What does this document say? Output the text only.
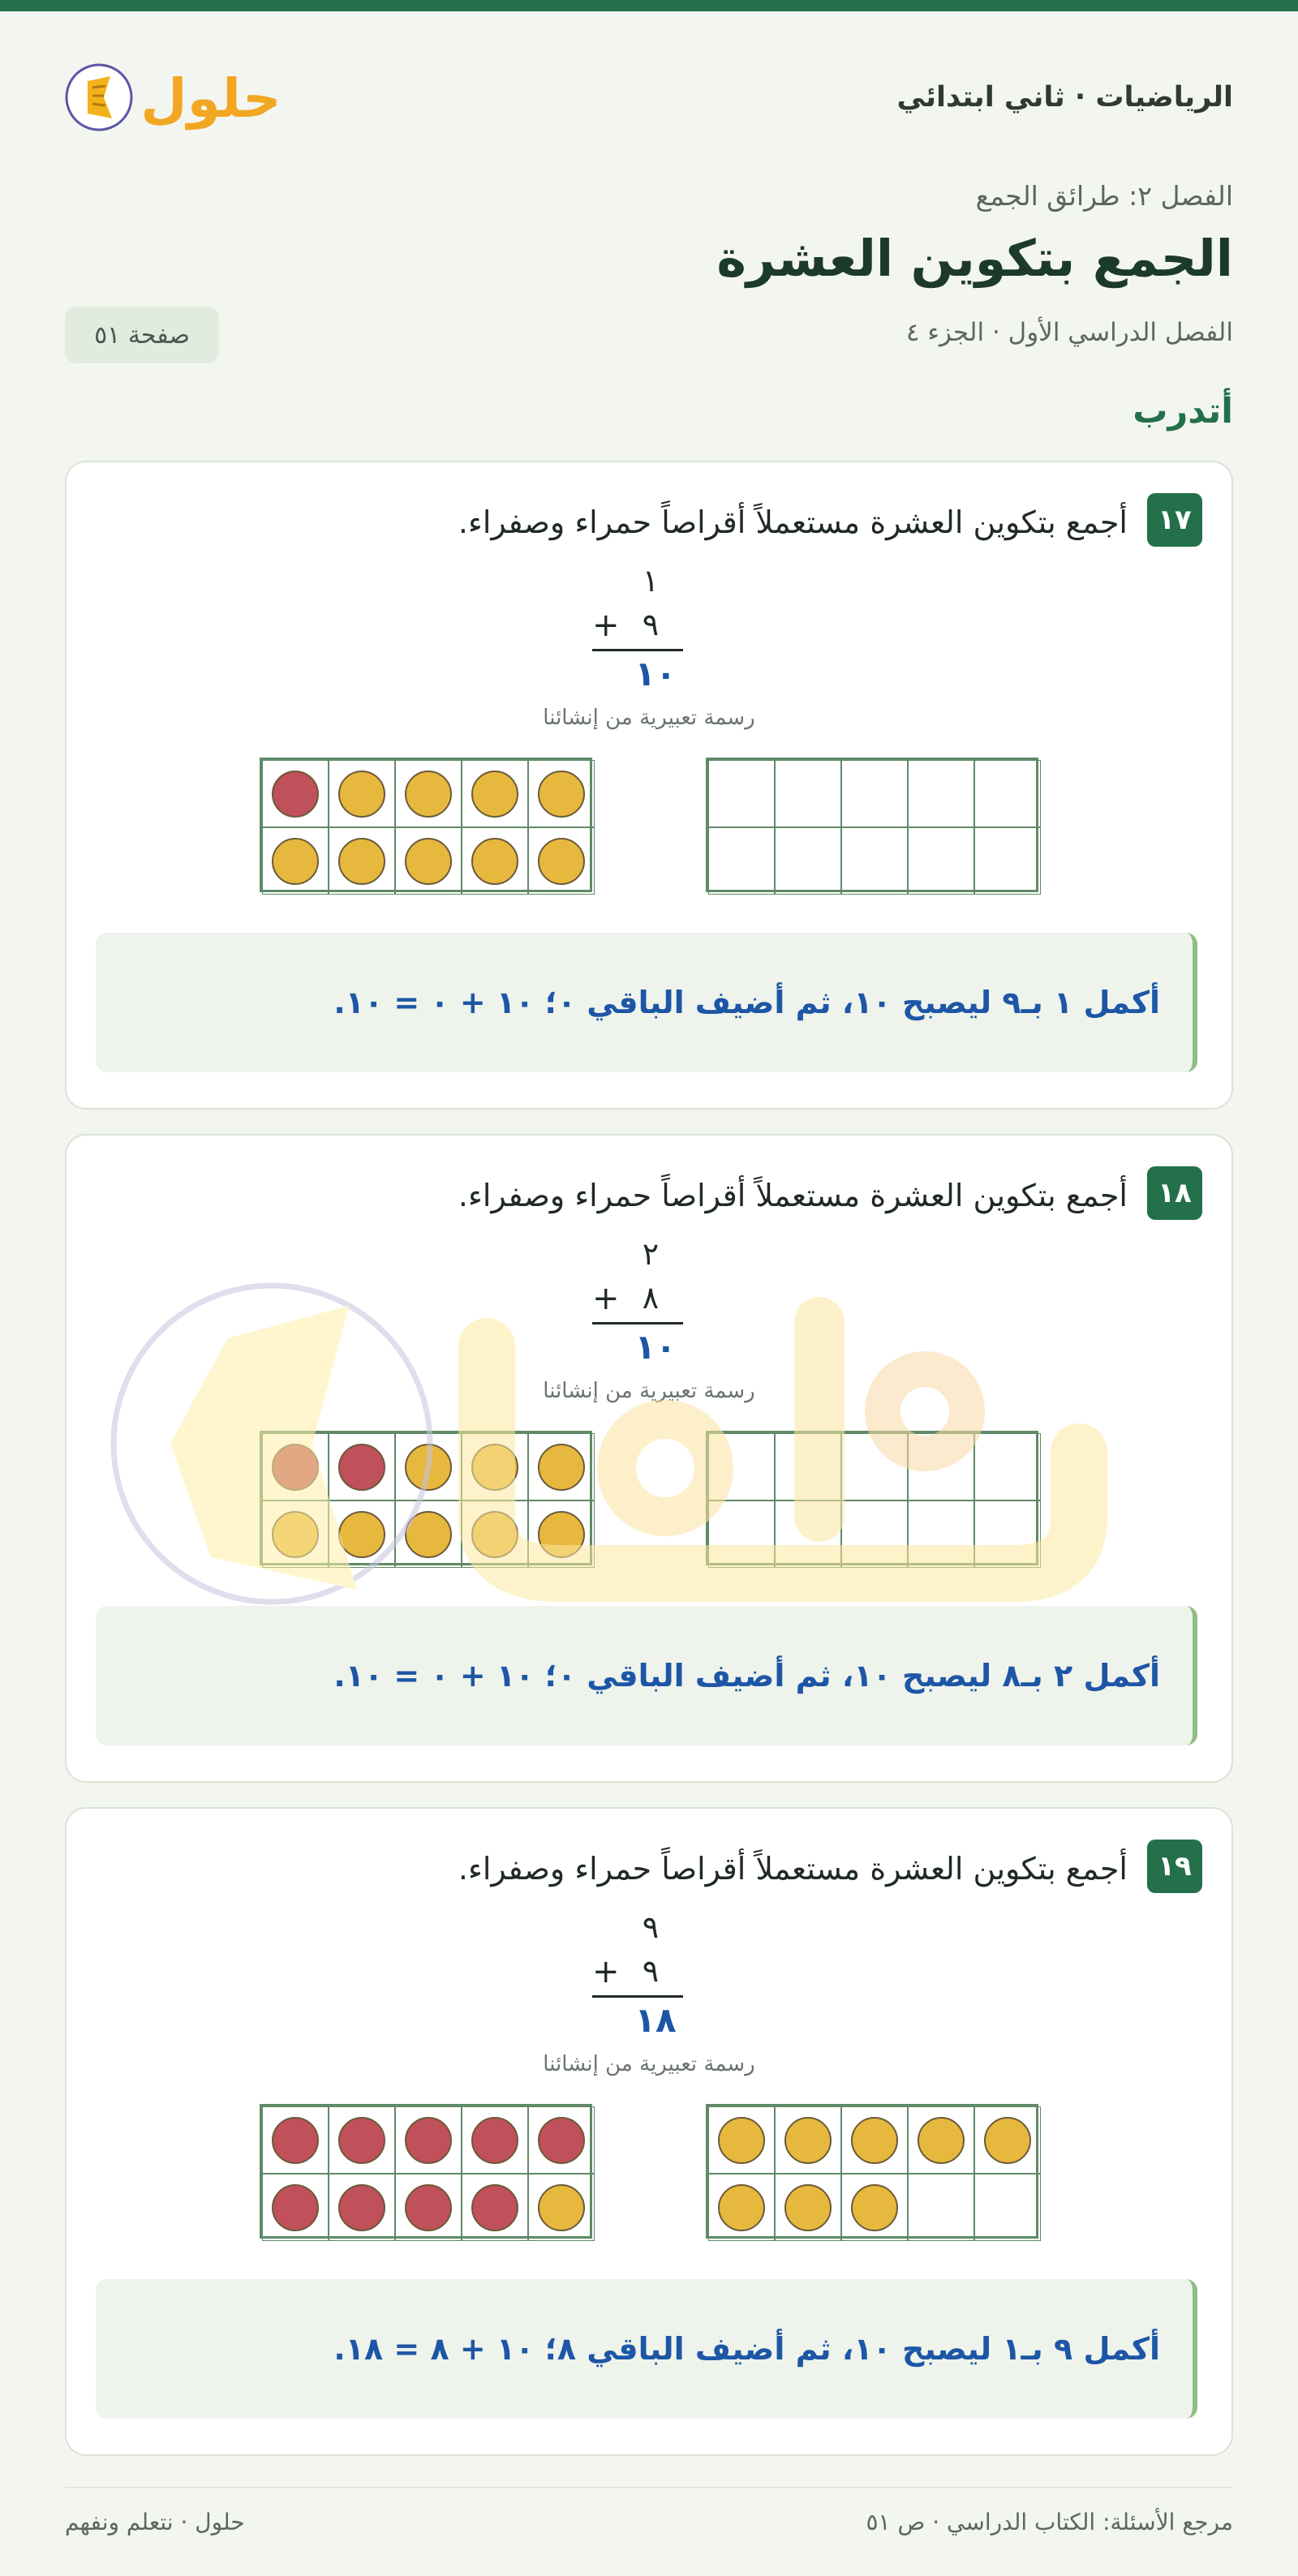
الرياضيات · ثاني ابتدائي
حلول
الفصل ٢: طرائق الجمع
الجمع بتكوين العشرة
الفصل الدراسي الأول · الجزء ٤
صفحة ٥١
أتدرب
١٧
أجمع بتكوين العشرة مستعملاً أقراصاً حمراء وصفراء.
١
+ ٩
١٠
رسمة تعبيرية من إنشائنا
أكمل ١ بـ٩ ليصبح ١٠، ثم أضيف الباقي ٠؛ ١٠ + ٠ = ١٠.
١٨
أجمع بتكوين العشرة مستعملاً أقراصاً حمراء وصفراء.
٢
+ ٨
١٠
رسمة تعبيرية من إنشائنا
أكمل ٢ بـ٨ ليصبح ١٠، ثم أضيف الباقي ٠؛ ١٠ + ٠ = ١٠.
١٩
أجمع بتكوين العشرة مستعملاً أقراصاً حمراء وصفراء.
٩
+ ٩
١٨
رسمة تعبيرية من إنشائنا
أكمل ٩ بـ١ ليصبح ١٠، ثم أضيف الباقي ٨؛ ١٠ + ٨ = ١٨.
مرجع الأسئلة: الكتاب الدراسي · ص ٥١
حلول · نتعلم ونفهم
